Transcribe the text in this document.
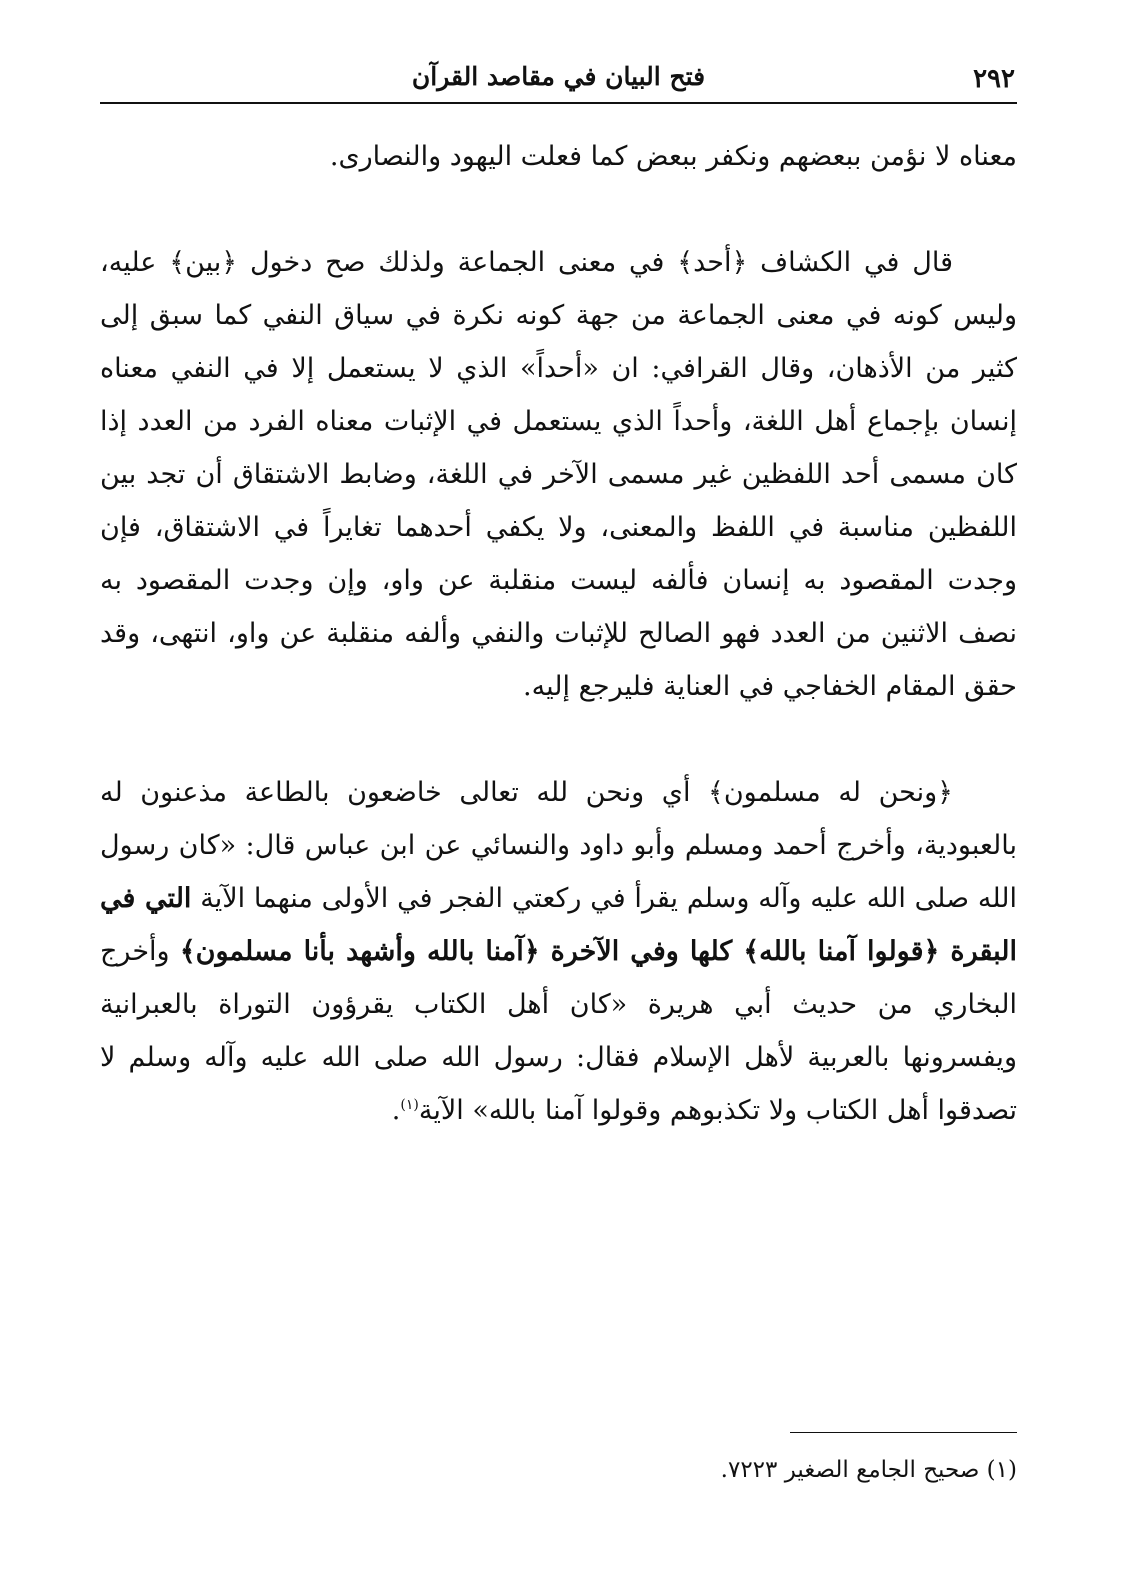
٢٩٢
فتح البيان في مقاصد القرآن

معناه لا نؤمن ببعضهم ونكفر ببعض كما فعلت اليهود والنصارى.

قال في الكشاف ﴿أحد﴾ في معنى الجماعة ولذلك صح دخول ﴿بين﴾ عليه، وليس كونه في معنى الجماعة من جهة كونه نكرة في سياق النفي كما سبق إلى كثير من الأذهان، وقال القرافي: ان «أحداً» الذي لا يستعمل إلا في النفي معناه إنسان بإجماع أهل اللغة، وأحداً الذي يستعمل في الإثبات معناه الفرد من العدد إذا كان مسمى أحد اللفظين غير مسمى الآخر في اللغة، وضابط الاشتقاق أن تجد بين اللفظين مناسبة في اللفظ والمعنى، ولا يكفي أحدهما تغايراً في الاشتقاق، فإن وجدت المقصود به إنسان فألفه ليست منقلبة عن واو، وإن وجدت المقصود به نصف الاثنين من العدد فهو الصالح للإثبات والنفي وألفه منقلبة عن واو، انتهى، وقد حقق المقام الخفاجي في العناية فليرجع إليه.

﴿ونحن له مسلمون﴾ أي ونحن لله تعالى خاضعون بالطاعة مذعنون له بالعبودية، وأخرج أحمد ومسلم وأبو داود والنسائي عن ابن عباس قال: «كان رسول الله صلى الله عليه وآله وسلم يقرأ في ركعتي الفجر في الأولى منهما الآية التي في البقرة ﴿قولوا آمنا بالله﴾ كلها وفي الآخرة ﴿آمنا بالله وأشهد بأنا مسلمون﴾ وأخرج البخاري من حديث أبي هريرة «كان أهل الكتاب يقرؤون التوراة بالعبرانية ويفسرونها بالعربية لأهل الإسلام فقال: رسول الله صلى الله عليه وآله وسلم لا تصدقوا أهل الكتاب ولا تكذبوهم وقولوا آمنا بالله» الآية$^{(١)}$.

(١) صحيح الجامع الصغير ٧٢٢٣.
